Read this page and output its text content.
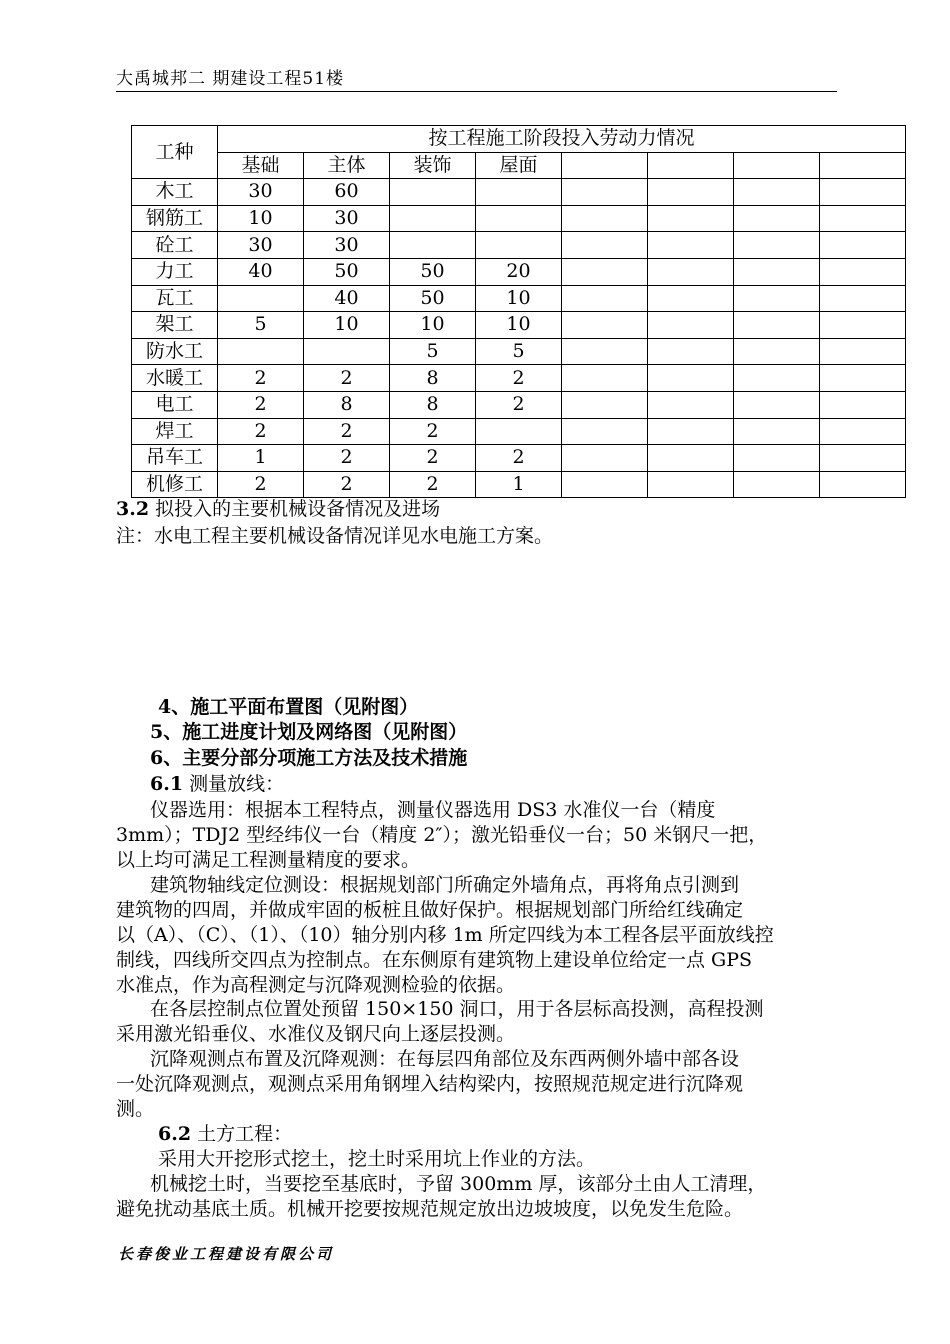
大禹城邦二 期建设工程51楼
工种	按工程施工阶段投入劳动力情况							
	基础	主体	装饰	屋面				
木工	30	60						
钢筋工	10	30						
砼工	30	30						
力工	40	50	50	20				
瓦工		40	50	10				
架工	5	10	10	10				
防水工			5	5				
水暖工	2	2	8	2				
电工	2	8	8	2				
焊工	2	2	2					
吊车工	1	2	2	2				
机修工	2	2	2	1				
3.2 拟投入的主要机械设备情况及进场
注：水电工程主要机械设备情况详见水电施工方案。
4、施工平面布置图（见附图）
5、施工进度计划及网络图（见附图）
6、主要分部分项施工方法及技术措施
6.1 测量放线：
仪器选用：根据本工程特点，测量仪器选用 DS3 水准仪一台（精度
3mm）；TDJ2 型经纬仪一台（精度 2″）；激光铅垂仪一台；50 米钢尺一把，
以上均可满足工程测量精度的要求。
建筑物轴线定位测设：根据规划部门所确定外墙角点，再将角点引测到
建筑物的四周，并做成牢固的板桩且做好保护。根据规划部门所给红线确定
以（A）、（C）、（1）、（10）轴分别内移 1m 所定四线为本工程各层平面放线控
制线，四线所交四点为控制点。在东侧原有建筑物上建设单位给定一点 GPS
水准点，作为高程测定与沉降观测检验的依据。
在各层控制点位置处预留 150×150 洞口，用于各层标高投测，高程投测
采用激光铅垂仪、水准仪及钢尺向上逐层投测。
沉降观测点布置及沉降观测：在每层四角部位及东西两侧外墙中部各设
一处沉降观测点，观测点采用角钢埋入结构梁内，按照规范规定进行沉降观
测。
6.2 土方工程：
采用大开挖形式挖土，挖土时采用坑上作业的方法。
机械挖土时，当要挖至基底时，予留 300mm 厚，该部分土由人工清理，
避免扰动基底土质。机械开挖要按规范规定放出边坡坡度，以免发生危险。
长春俊业工程建设有限公司
